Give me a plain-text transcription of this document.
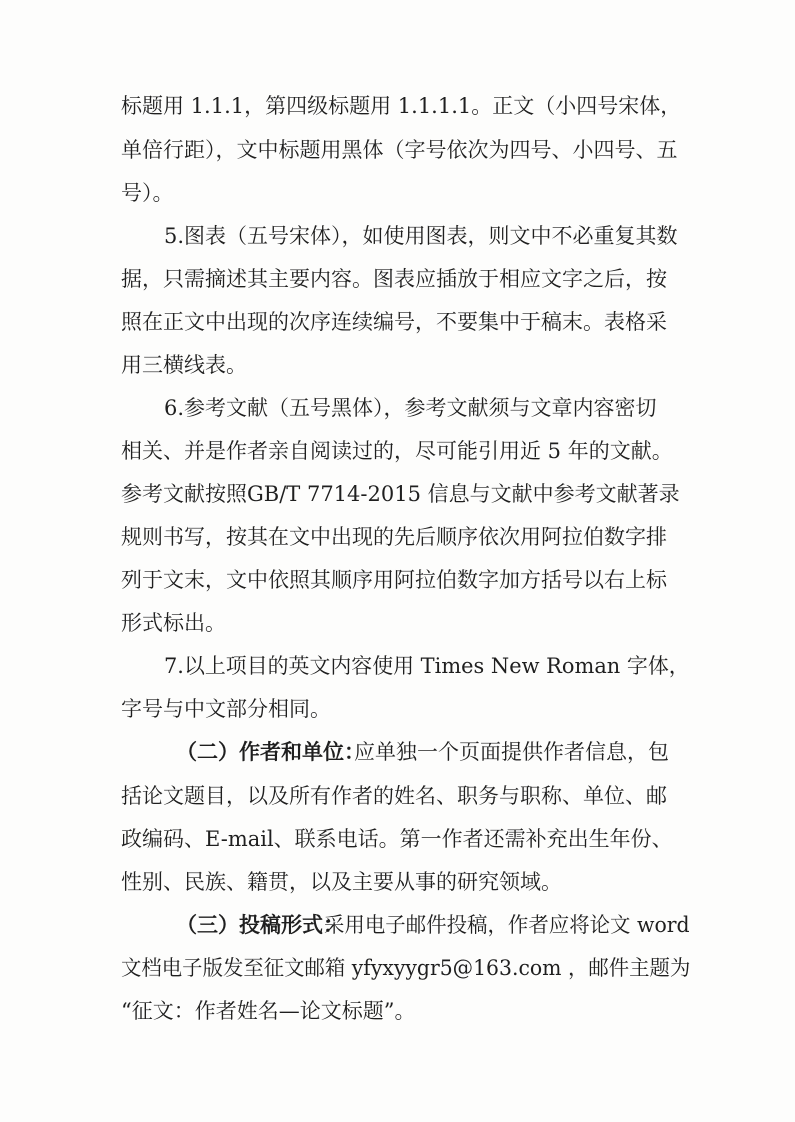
标题用 1.1.1，第四级标题用 1.1.1.1。正文（小四号宋体，

单倍行距），文中标题用黑体（字号依次为四号、小四号、五

号）。

5.图表（五号宋体），如使用图表，则文中不必重复其数

据，只需摘述其主要内容。图表应插放于相应文字之后，按

照在正文中出现的次序连续编号，不要集中于稿末。表格采

用三横线表。

6.参考文献（五号黑体），参考文献须与文章内容密切

相关、并是作者亲自阅读过的，尽可能引用近 5 年的文献。

参考文献按照GB/T 7714-2015 信息与文献中参考文献著录

规则书写，按其在文中出现的先后顺序依次用阿拉伯数字排

列于文末，文中依照其顺序用阿拉伯数字加方括号以右上标

形式标出。

7.以上项目的英文内容使用 Times New Roman 字体，

字号与中文部分相同。

（二）作者和单位：

应单独一个页面提供作者信息，包

括论文题目，以及所有作者的姓名、职务与职称、单位、邮

政编码、E-mail、联系电话。第一作者还需补充出生年份、

性别、民族、籍贯，以及主要从事的研究领域。

（三）投稿形式：

采用电子邮件投稿，作者应将论文 word

文档电子版发至征文邮箱 yfyxyygr5@163.com ，邮件主题为

“征文：作者姓名—论文标题”。
